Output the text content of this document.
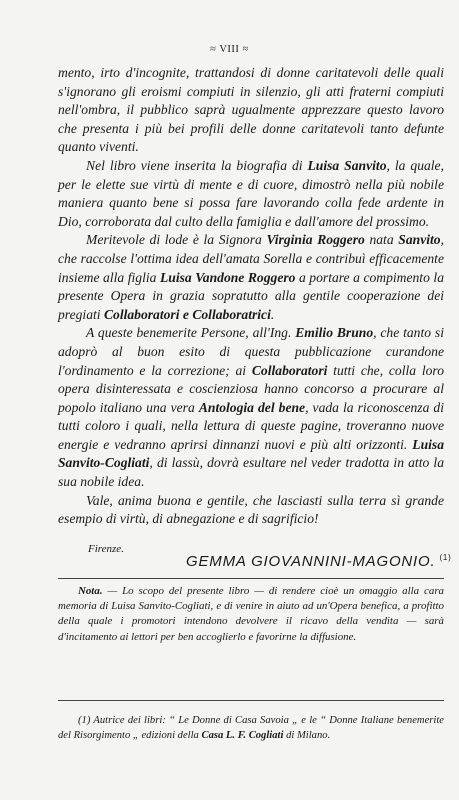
≈ VIII ≈

mento, irto d'incognite, trattandosi di donne caritatevoli delle quali s'ignorano gli eroismi compiuti in silenzio, gli atti fraterni compiuti nell'ombra, il pubblico saprà ugualmente apprezzare questo lavoro che presenta i più bei profili delle donne caritatevoli tanto defunte quanto viventi.

Nel libro viene inserita la biografia di Luisa Sanvito, la quale, per le elette sue virtù di mente e di cuore, dimostrò nella più nobile maniera quanto bene si possa fare lavorando colla fede ardente in Dio, corroborata dal culto della famiglia e dall'amore del prossimo.

Meritevole di lode è la Signora Virginia Roggero nata Sanvito, che raccolse l'ottima idea dell'amata Sorella e contribuì efficacemente insieme alla figlia Luisa Vandone Roggero a portare a compimento la presente Opera in grazia sopratutto alla gentile cooperazione dei pregiati Collaboratori e Collaboratrici.

A queste benemerite Persone, all'Ing. Emilio Bruno, che tanto si adoprò al buon esito di questa pubblicazione curandone l'ordinamento e la correzione; ai Collaboratori tutti che, colla loro opera disinteressata e coscienziosa hanno concorso a procurare al popolo italiano una vera Antologia del bene, vada la riconoscenza di tutti coloro i quali, nella lettura di queste pagine, troveranno nuove energie e vedranno aprirsi dinnanzi nuovi e più alti orizzonti. Luisa Sanvito-Cogliati, di lassù, dovrà esultare nel veder tradotta in atto la sua nobile idea.

Vale, anima buona e gentile, che lasciasti sulla terra sì grande esempio di virtù, di abnegazione e di sagrificio!

Firenze.
GEMMA GIOVANNINI-MAGONIO. $^{(1)}$

Nota. — Lo scopo del presente libro — di rendere cioè un omaggio alla cara memoria di Luisa Sanvito-Cogliati, e di venire in aiuto ad un'Opera benefica, a profitto della quale i promotori intendono devolvere il ricavo della vendita — sarà d'incitamento ai lettori per ben accoglierlo e favorirne la diffusione.

(1) Autrice dei libri: “ Le Donne di Casa Savoia „ e le “ Donne Italiane benemerite del Risorgimento „ edizioni della Casa L. F. Cogliati di Milano.
